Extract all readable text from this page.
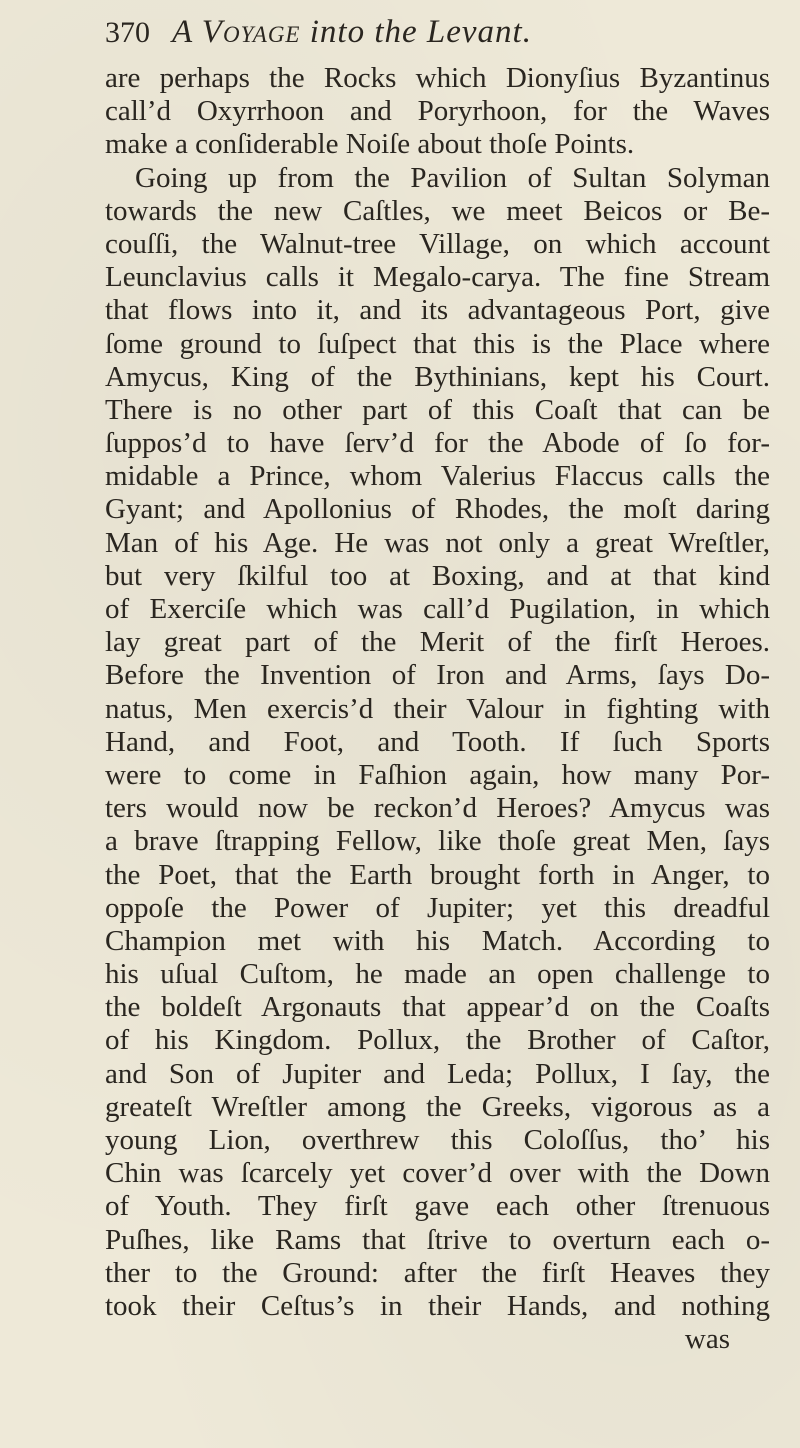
370 A Voyage into the Levant.
are perhaps the Rocks which Dionyſius Byzantinus
call’d Oxyrrhoon and Poryrhoon, for the Waves
make a conſiderable Noiſe about thoſe Points.
Going up from the Pavilion of Sultan Solyman
towards the new Caſtles, we meet Beicos or Be-
couſſi, the Walnut-tree Village, on which account
Leunclavius calls it Megalo-carya. The fine Stream
that flows into it, and its advantageous Port, give
ſome ground to ſuſpect that this is the Place where
Amycus, King of the Bythinians, kept his Court.
There is no other part of this Coaſt that can be
ſuppos’d to have ſerv’d for the Abode of ſo for-
midable a Prince, whom Valerius Flaccus calls the
Gyant; and Apollonius of Rhodes, the moſt daring
Man of his Age. He was not only a great Wreſtler,
but very ſkilful too at Boxing, and at that kind
of Exerciſe which was call’d Pugilation, in which
lay great part of the Merit of the firſt Heroes.
Before the Invention of Iron and Arms, ſays Do-
natus, Men exercis’d their Valour in fighting with
Hand, and Foot, and Tooth. If ſuch Sports
were to come in Faſhion again, how many Por-
ters would now be reckon’d Heroes? Amycus was
a brave ſtrapping Fellow, like thoſe great Men, ſays
the Poet, that the Earth brought forth in Anger, to
oppoſe the Power of Jupiter; yet this dreadful
Champion met with his Match. According to
his uſual Cuſtom, he made an open challenge to
the boldeſt Argonauts that appear’d on the Coaſts
of his Kingdom. Pollux, the Brother of Caſtor,
and Son of Jupiter and Leda; Pollux, I ſay, the
greateſt Wreſtler among the Greeks, vigorous as a
young Lion, overthrew this Coloſſus, tho’ his
Chin was ſcarcely yet cover’d over with the Down
of Youth. They firſt gave each other ſtrenuous
Puſhes, like Rams that ſtrive to overturn each o-
ther to the Ground: after the firſt Heaves they
took their Ceſtus’s in their Hands, and nothing
was
